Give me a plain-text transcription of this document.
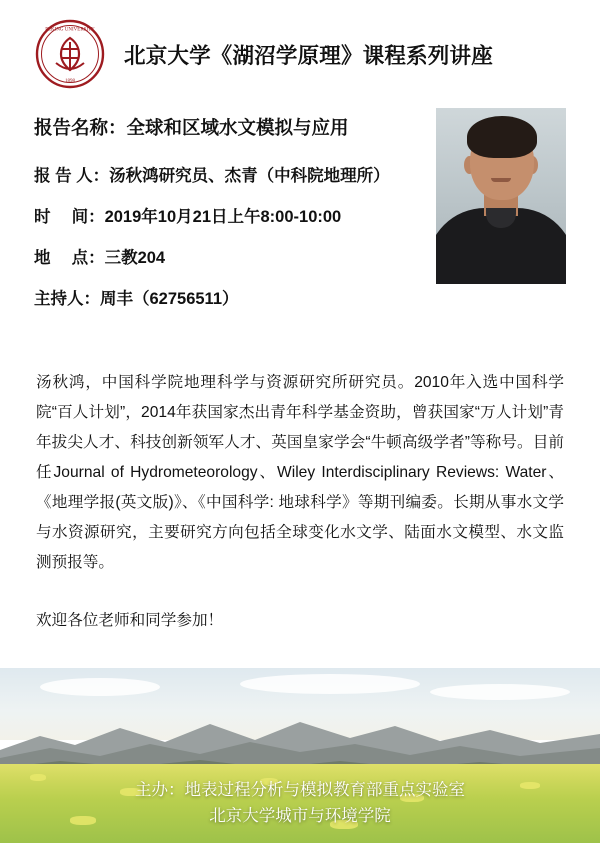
PEKING UNIVERSITY
1898
北京大学《湖沼学原理》课程系列讲座
报告名称：全球和区域水文模拟与应用
报 告 人：汤秋鸿研究员、杰青（中科院地理所）
时　 间：2019年10月21日上午8:00-10:00
地　 点：三教204
主持人：周丰（62756511）

汤秋鸿，中国科学院地理科学与资源研究所研究员。2010年入选中国科学院“百人计划”，2014年获国家杰出青年科学基金资助，曾获国家“万人计划”青年拔尖人才、科技创新领军人才、英国皇家学会“牛顿高级学者”等称号。目前任Journal of Hydrometeorology、Wiley Interdisciplinary Reviews: Water、《地理学报(英文版)》、《中国科学: 地球科学》等期刊编委。长期从事水文学与水资源研究，主要研究方向包括全球变化水文学、陆面水文模型、水文监测预报等。

欢迎各位老师和同学参加！

主办：地表过程分析与模拟教育部重点实验室
北京大学城市与环境学院
